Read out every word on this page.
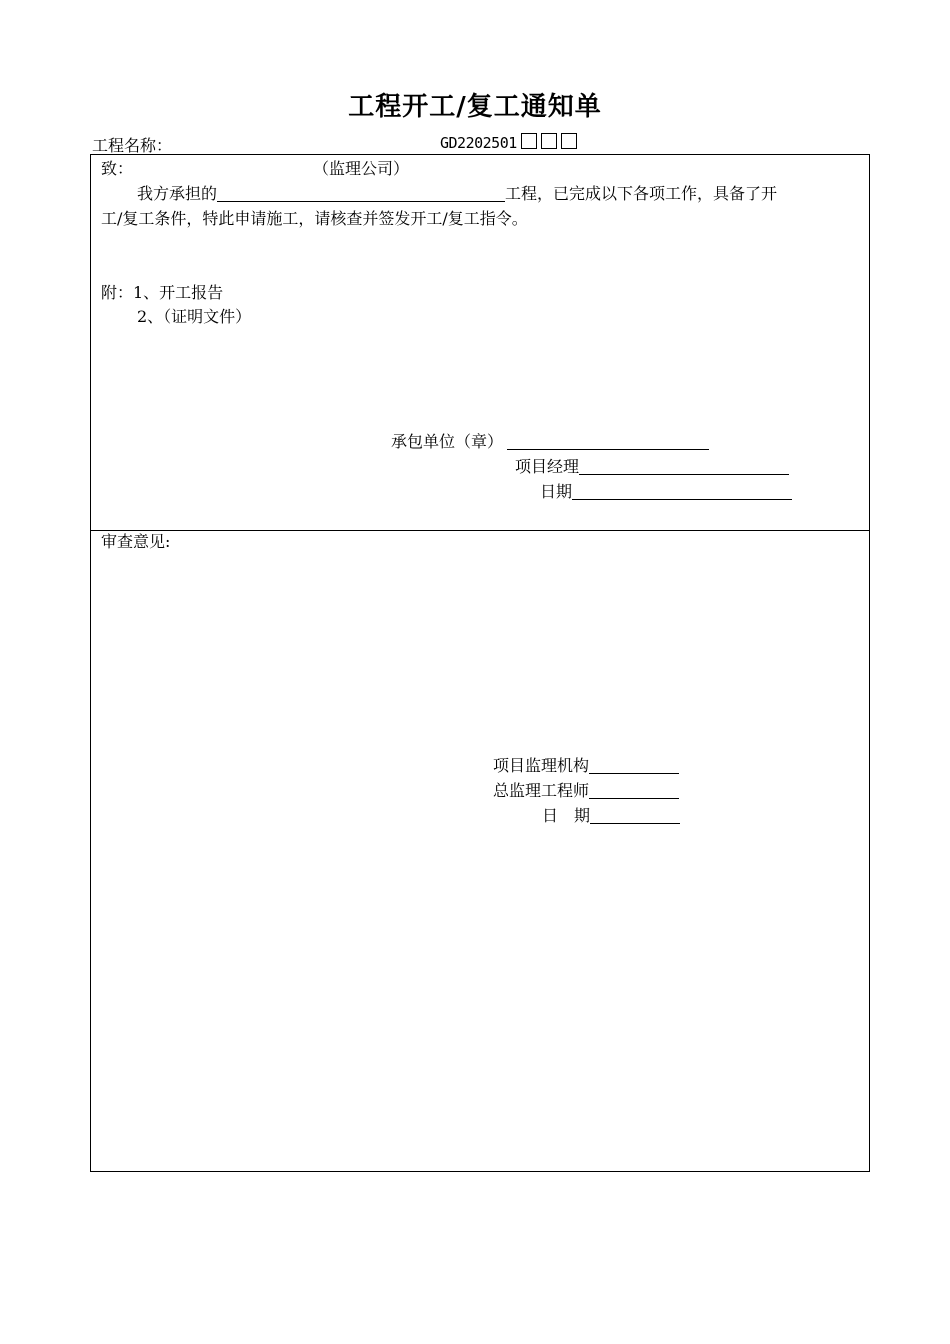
工程开工/复工通知单
工程名称：	GD2202501
致：	（监理公司）
我方承担的	工程，已完成以下各项工作，具备了开
工/复工条件，特此申请施工，请核查并签发开工/复工指令。
附：1、开工报告
2、（证明文件）
承包单位（章）
项目经理
日期
审查意见:
项目监理机构
总监理工程师
日　期
